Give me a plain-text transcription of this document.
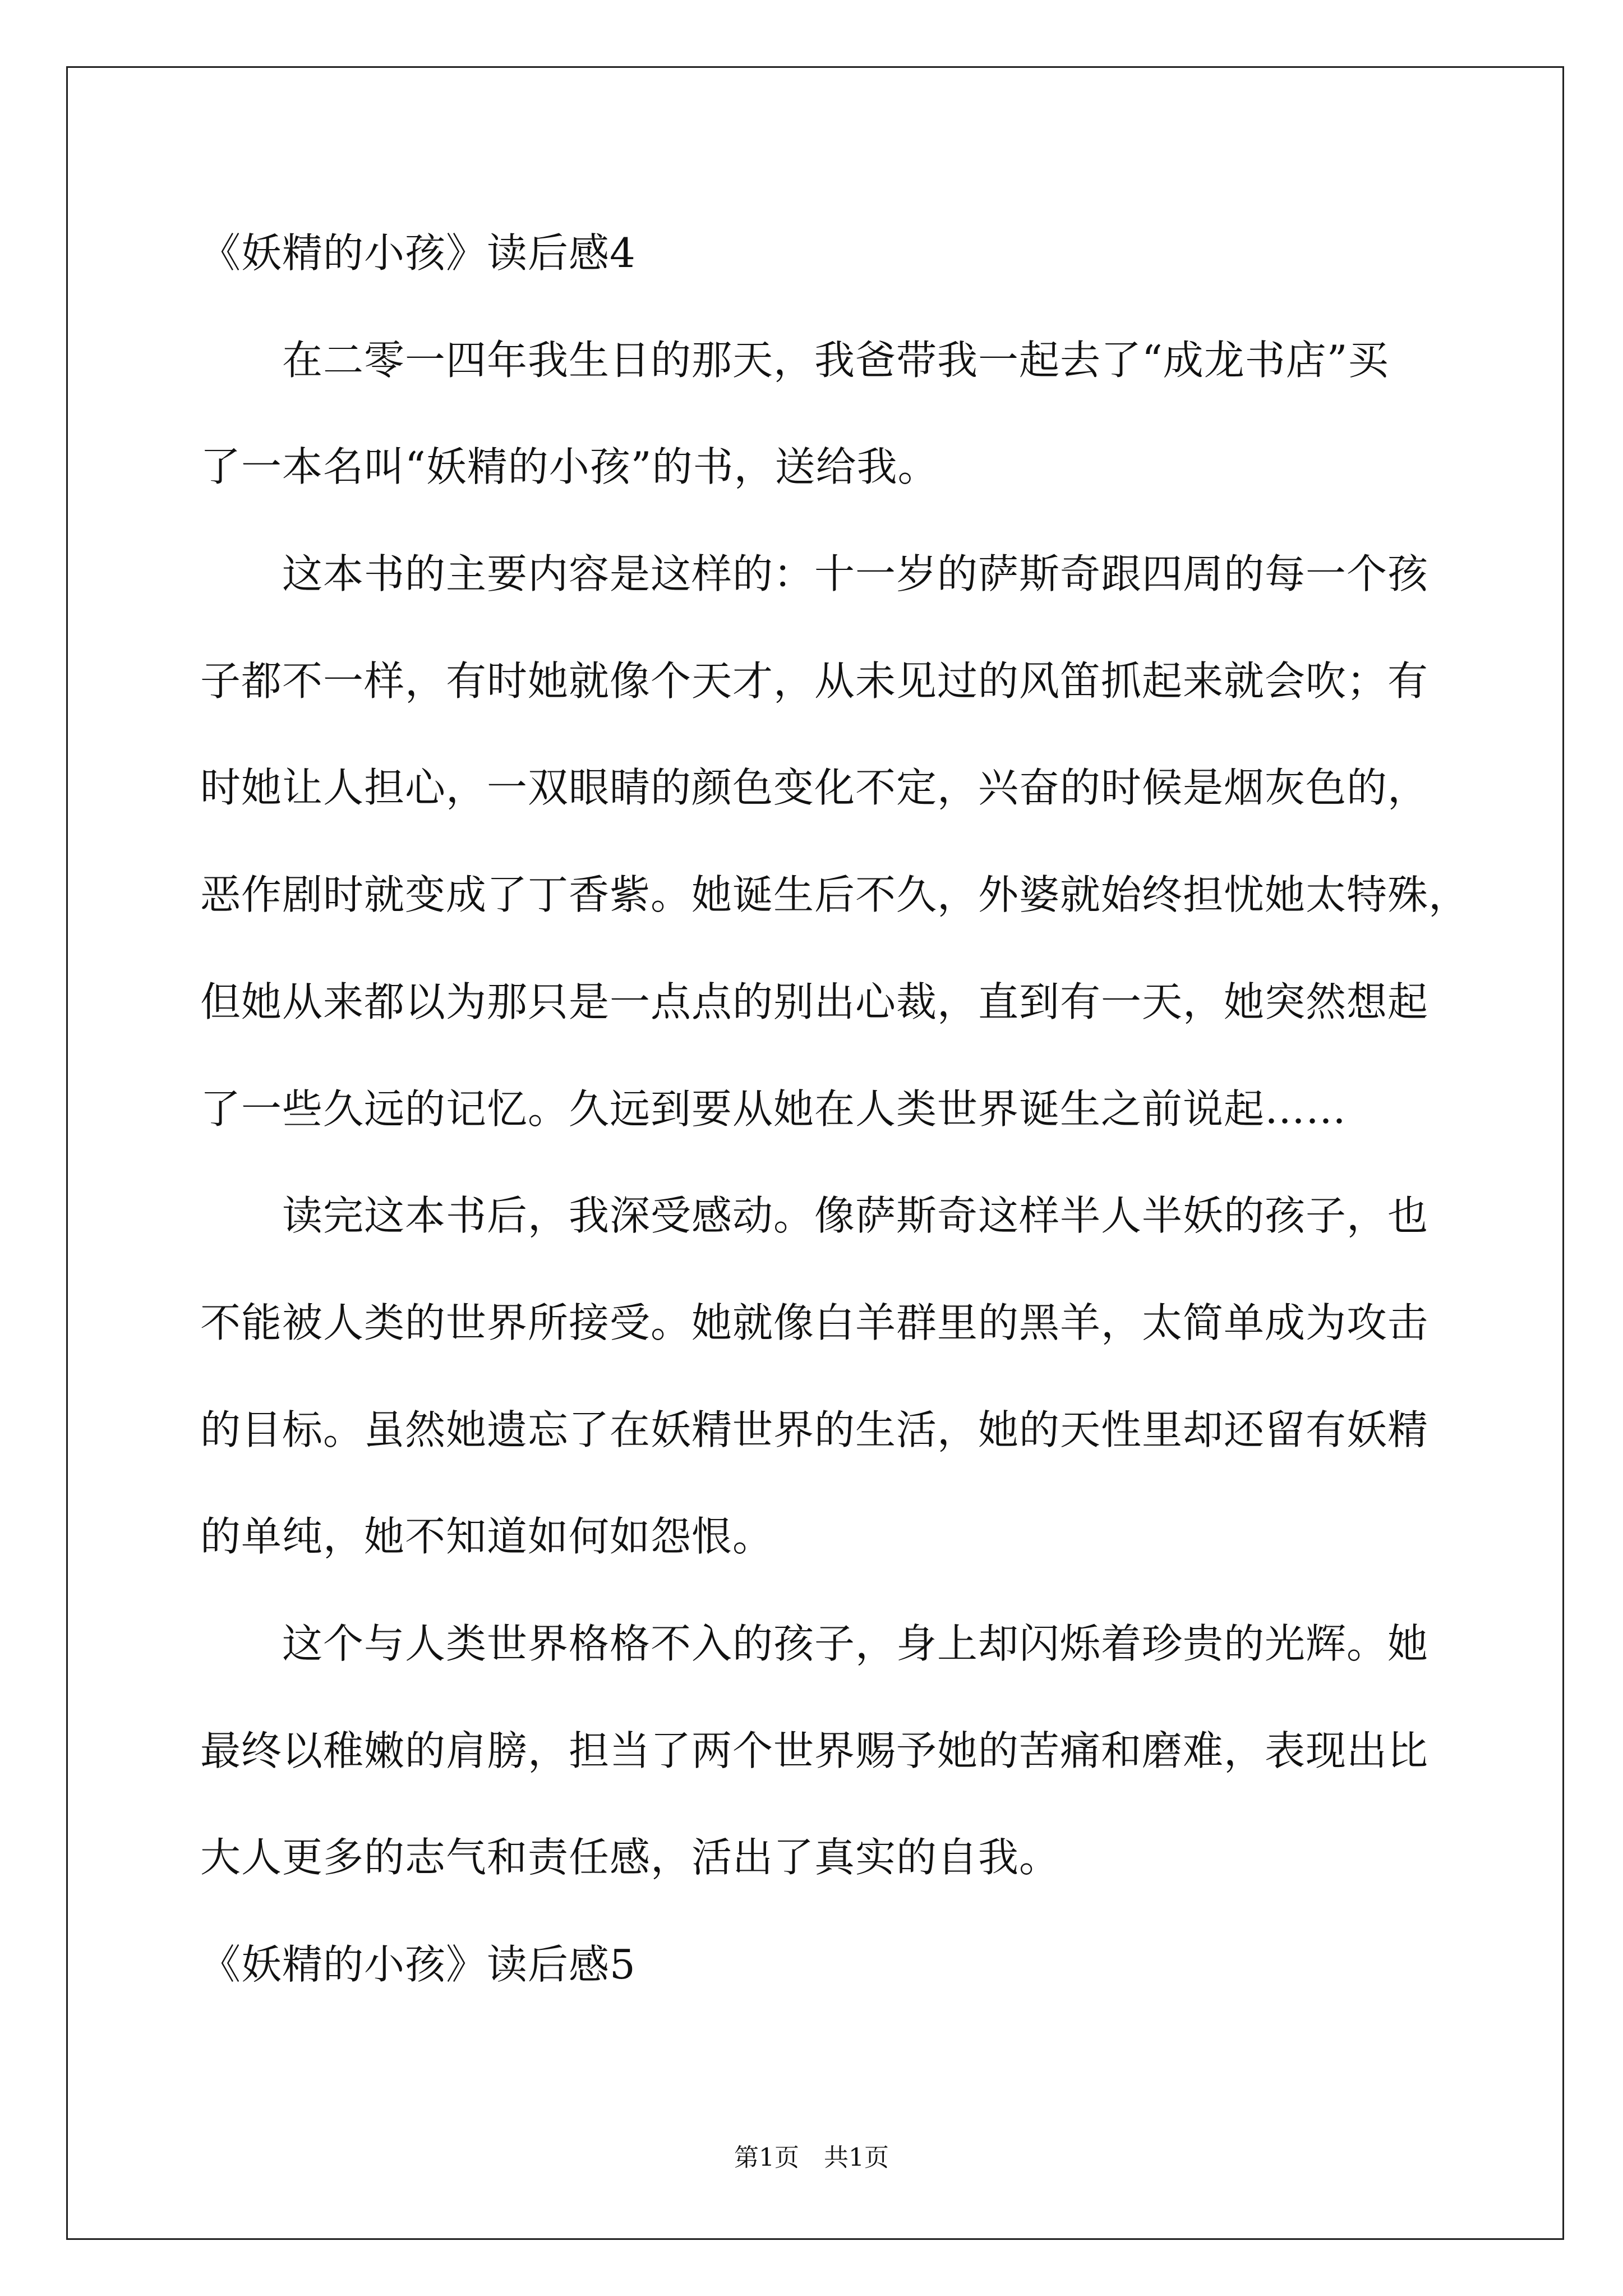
《妖精的小孩》读后感4
在二零一四年我生日的那天，我爸带我一起去了“成龙书店”买
了一本名叫“妖精的小孩”的书，送给我。
这本书的主要内容是这样的：十一岁的萨斯奇跟四周的每一个孩
子都不一样，有时她就像个天才，从未见过的风笛抓起来就会吹；有
时她让人担心，一双眼睛的颜色变化不定，兴奋的时候是烟灰色的，
恶作剧时就变成了丁香紫。她诞生后不久，外婆就始终担忧她太特殊，
但她从来都以为那只是一点点的别出心裁，直到有一天，她突然想起
了一些久远的记忆。久远到要从她在人类世界诞生之前说起……
读完这本书后，我深受感动。像萨斯奇这样半人半妖的孩子，也
不能被人类的世界所接受。她就像白羊群里的黑羊，太简单成为攻击
的目标。虽然她遗忘了在妖精世界的生活，她的天性里却还留有妖精
的单纯，她不知道如何如怨恨。
这个与人类世界格格不入的孩子，身上却闪烁着珍贵的光辉。她
最终以稚嫩的肩膀，担当了两个世界赐予她的苦痛和磨难，表现出比
大人更多的志气和责任感，活出了真实的自我。
《妖精的小孩》读后感5
第1页　共1页
